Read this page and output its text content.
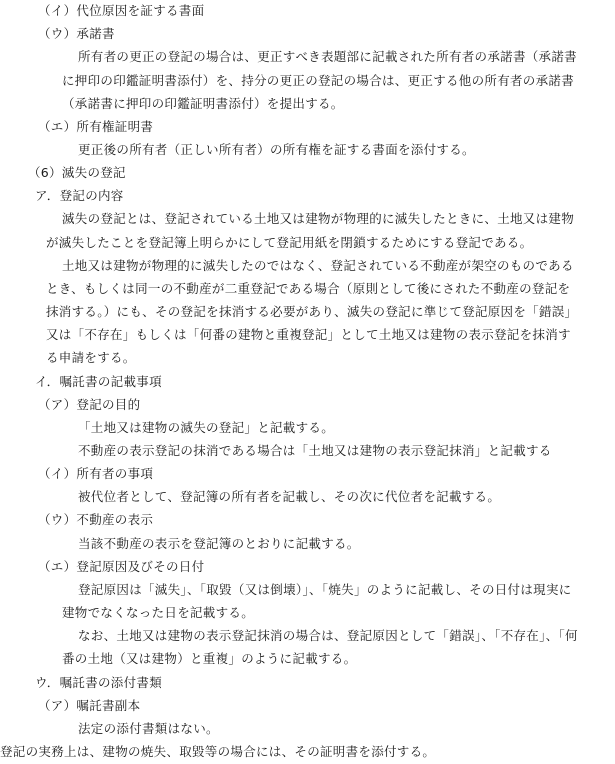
（イ）代位原因を証する書面
（ウ）承諾書
所有者の更正の登記の場合は、更正すべき表題部に記載された所有者の承諾書（承諾書
に押印の印鑑証明書添付）を、持分の更正の登記の場合は、更正する他の所有者の承諾書
（承諾書に押印の印鑑証明書添付）を提出する。
（エ）所有権証明書
更正後の所有者（正しい所有者）の所有権を証する書面を添付する。
（6）滅失の登記
ア．登記の内容
滅失の登記とは、登記されている土地又は建物が物理的に滅失したときに、土地又は建物
が滅失したことを登記簿上明らかにして登記用紙を閉鎖するためにする登記である。
土地又は建物が物理的に滅失したのではなく、登記されている不動産が架空のものである
とき、もしくは同一の不動産が二重登記である場合（原則として後にされた不動産の登記を
抹消する。）にも、その登記を抹消する必要があり、滅失の登記に準じて登記原因を「錯誤」
又は「不存在」もしくは「何番の建物と重複登記」として土地又は建物の表示登記を抹消す
る申請をする。
イ．嘱託書の記載事項
（ア）登記の目的
「土地又は建物の滅失の登記」と記載する。
不動産の表示登記の抹消である場合は「土地又は建物の表示登記抹消」と記載する
（イ）所有者の事項
被代位者として、登記簿の所有者を記載し、その次に代位者を記載する。
（ウ）不動産の表示
当該不動産の表示を登記簿のとおりに記載する。
（エ）登記原因及びその日付
登記原因は「滅失」、「取毀（又は倒壊）」、「焼失」のように記載し、その日付は現実に
建物でなくなった日を記載する。
なお、土地又は建物の表示登記抹消の場合は、登記原因として「錯誤」、「不存在」、「何
番の土地（又は建物）と重複」のように記載する。
ウ．嘱託書の添付書類
（ア）嘱託書副本
法定の添付書類はない。
登記の実務上は、建物の焼失、取毀等の場合には、その証明書を添付する。
